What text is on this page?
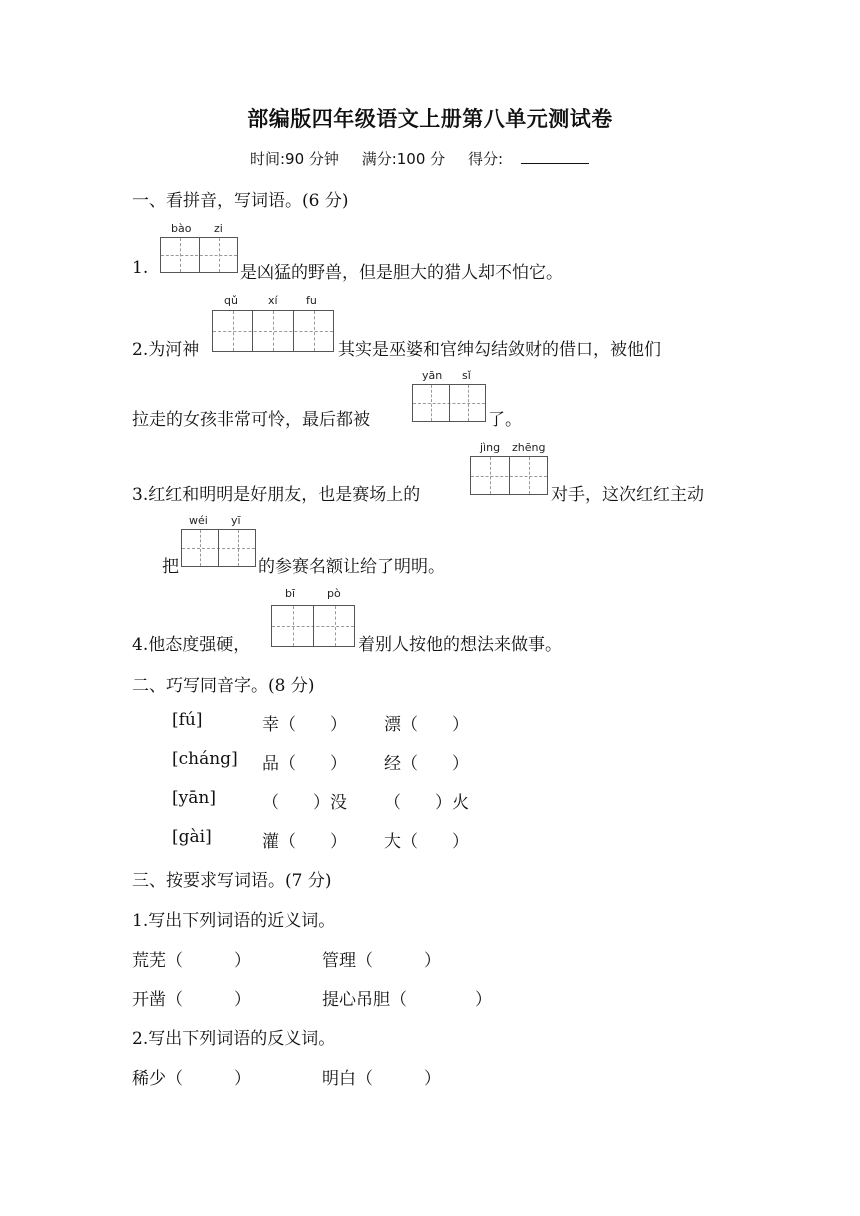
部编版四年级语文上册第八单元测试卷
时间:90 分钟 满分:100 分 得分:
一、看拼音，写词语。(6 分)
bào zi
1.	是凶猛的野兽，但是胆大的猎人却不怕它。
qǔ	xí	fu
2.为河神	其实是巫婆和官绅勾结敛财的借口，被他们
yān sǐ
拉走的女孩非常可怜，最后都被	了。
jìng zhēng
3.红红和明明是好朋友，也是赛场上的	对手，这次红红主动
wéi yī
把	的参赛名额让给了明明。
bī	pò
4.他态度强硬，	着别人按他的想法来做事。
二、巧写同音字。(8 分)
[fú]	幸（　　） 漂（　　）
[cháng] 品（　　） 经（　　）
[yān]	（　　）没 （　　）火
[gài]	灌（　　） 大（　　）
三、按要求写词语。(7 分)
1.写出下列词语的近义词。
荒芜（　　　）	管理（　　　）
开凿（　　　）	提心吊胆（　　　　）
2.写出下列词语的反义词。
稀少（　　　）	明白（　　　）
